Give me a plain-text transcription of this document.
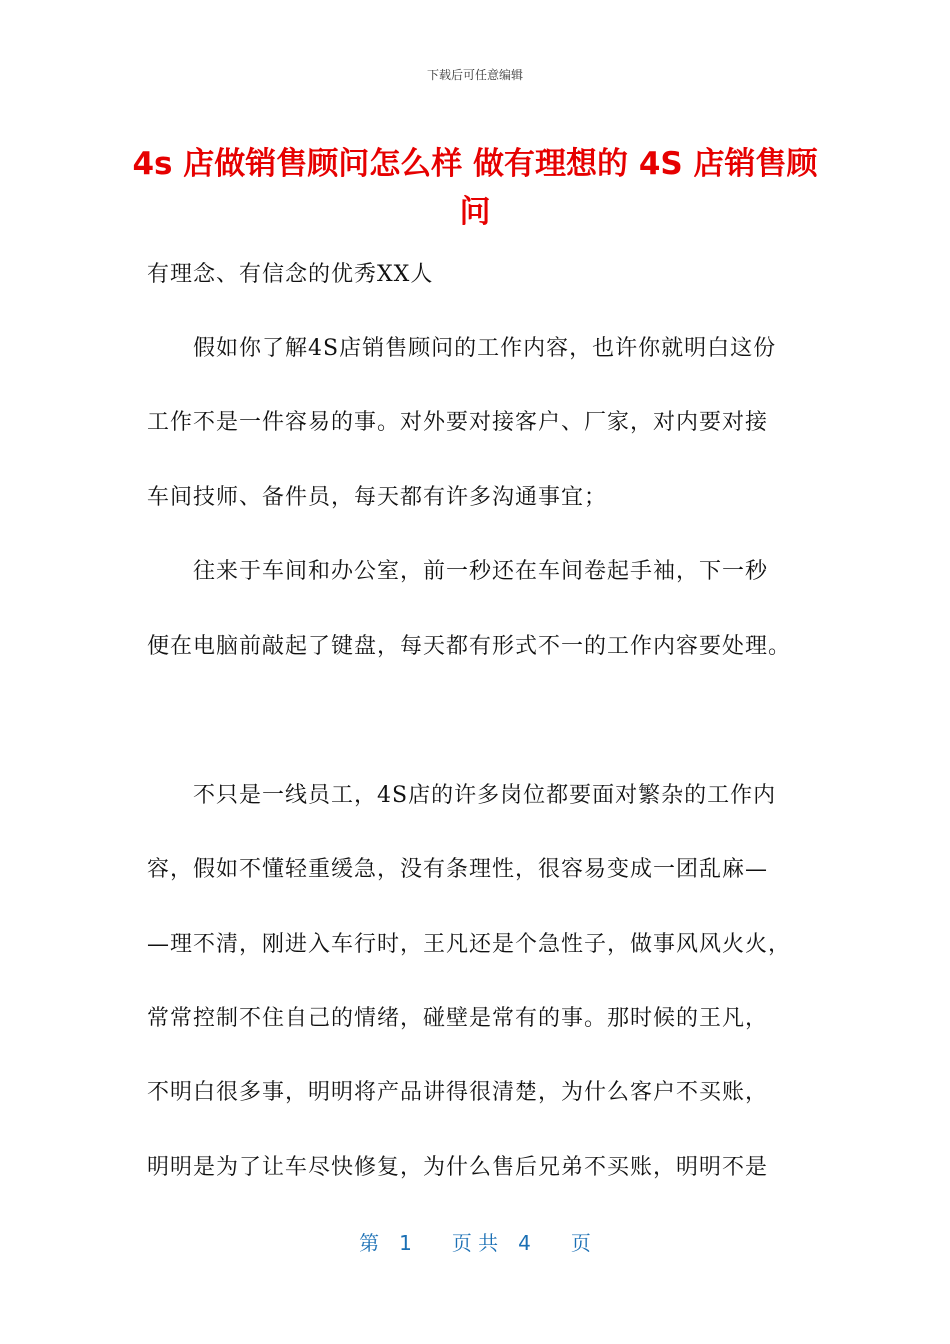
下载后可任意编辑
4s 店做销售顾问怎么样 做有理想的 4S 店销售顾问
有理念、有信念的优秀XX人
　　假如你了解4S店销售顾问的工作内容，也许你就明白这份
工作不是一件容易的事。对外要对接客户、厂家，对内要对接
车间技师、备件员，每天都有许多沟通事宜；
　　往来于车间和办公室，前一秒还在车间卷起手袖，下一秒
便在电脑前敲起了键盘，每天都有形式不一的工作内容要处理。
　　不只是一线员工，4S店的许多岗位都要面对繁杂的工作内
容，假如不懂轻重缓急，没有条理性，很容易变成一团乱麻—
—理不清，刚进入车行时，王凡还是个急性子，做事风风火火，
常常控制不住自己的情绪，碰壁是常有的事。那时候的王凡，
不明白很多事，明明将产品讲得很清楚，为什么客户不买账，
明明是为了让车尽快修复，为什么售后兄弟不买账，明明不是
第　1　　页 共　4　　页
